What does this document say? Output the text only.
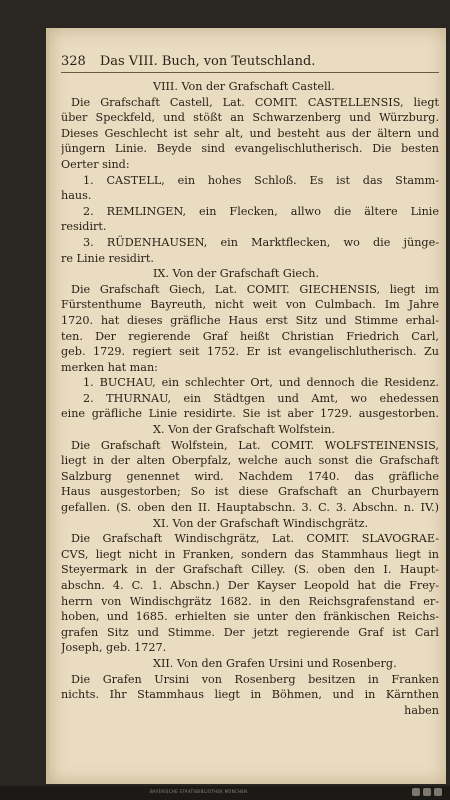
328 Das VIII. Buch, von Teutschland.
VIII. Von der Grafschaft Castell.
Die Grafschaft Castell, Lat. COMIT. CASTELLENSIS, liegt
über Speckfeld, und stößt an Schwarzenberg und Würzburg.
Dieses Geschlecht ist sehr alt, und besteht aus der ältern und
jüngern Linie. Beyde sind evangelischlutherisch. Die besten
Oerter sind:
1. CASTELL, ein hohes Schloß. Es ist das Stamm-
haus.
2. REMLINGEN, ein Flecken, allwo die ältere Linie
residirt.
3. RÜDENHAUSEN, ein Marktflecken, wo die jünge-
re Linie residirt.
IX. Von der Grafschaft Giech.
Die Grafschaft Giech, Lat. COMIT. GIECHENSIS, liegt im
Fürstenthume Bayreuth, nicht weit von Culmbach. Im Jahre
1720. hat dieses gräfliche Haus erst Sitz und Stimme erhal-
ten. Der regierende Graf heißt Christian Friedrich Carl,
geb. 1729. regiert seit 1752. Er ist evangelischlutherisch. Zu
merken hat man:
1. BUCHAU, ein schlechter Ort, und dennoch die Residenz.
2. THURNAU, ein Städtgen und Amt, wo ehedessen
eine gräfliche Linie residirte. Sie ist aber 1729. ausgestorben.
X. Von der Grafschaft Wolfstein.
Die Grafschaft Wolfstein, Lat. COMIT. WOLFSTEINENSIS,
liegt in der alten Oberpfalz, welche auch sonst die Grafschaft
Salzburg genennet wird. Nachdem 1740. das gräfliche
Haus ausgestorben; So ist diese Grafschaft an Churbayern
gefallen. (S. oben den II. Hauptabschn. 3. C. 3. Abschn. n. IV.)
XI. Von der Grafschaft Windischgrätz.
Die Grafschaft Windischgrätz, Lat. COMIT. SLAVOGRAE-
CVS, liegt nicht in Franken, sondern das Stammhaus liegt in
Steyermark in der Grafschaft Cilley. (S. oben den I. Haupt-
abschn. 4. C. 1. Abschn.) Der Kayser Leopold hat die Frey-
herrn von Windischgrätz 1682. in den Reichsgrafenstand er-
hoben, und 1685. erhielten sie unter den fränkischen Reichs-
grafen Sitz und Stimme. Der jetzt regierende Graf ist Carl
Joseph, geb. 1727.
XII. Von den Grafen Ursini und Rosenberg.
Die Grafen Ursini von Rosenberg besitzen in Franken
nichts. Ihr Stammhaus liegt in Böhmen, und in Kärnthen
haben
BAYERISCHE STAATSBIBLIOTHEK MÜNCHEN
